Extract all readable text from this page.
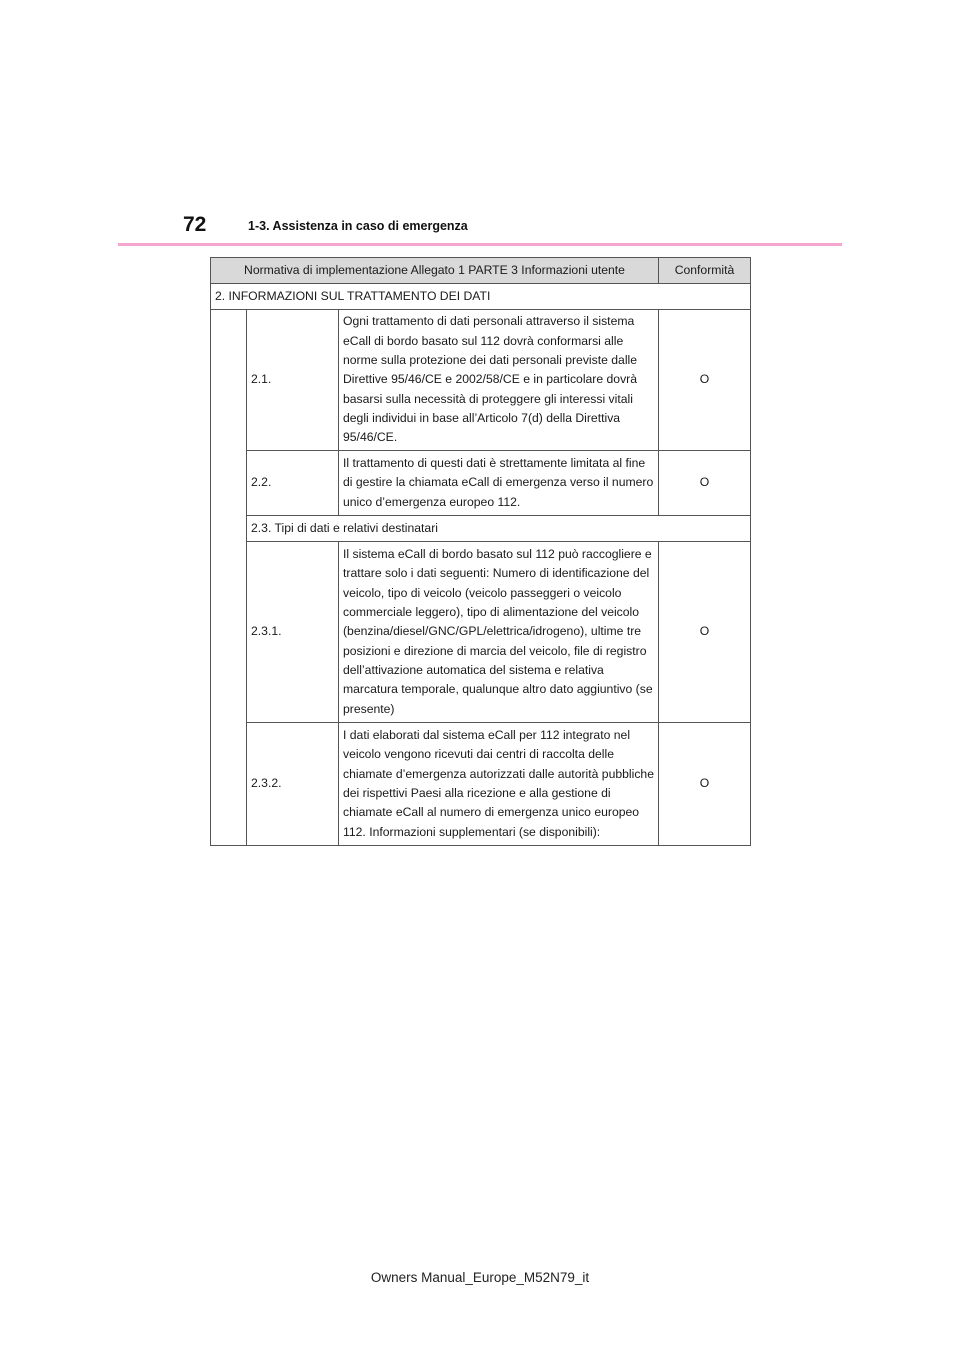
72	1-3. Assistenza in caso di emergenza
Normativa di implementazione Allegato 1 PARTE 3 Informazioni utente			Conformità
2. INFORMAZIONI SUL TRATTAMENTO DEI DATI			
	2.1.	Ogni trattamento di dati personali attraverso il sistema eCall di bordo basato sul 112 dovrà conformarsi alle norme sulla protezione dei dati personali previste dalle Direttive 95/46/CE e 2002/58/CE e in particolare dovrà basarsi sulla necessità di proteggere gli interessi vitali degli individui in base all’Articolo 7(d) della Direttiva 95/46/CE.	O
	2.2.	Il trattamento di questi dati è strettamente limitata al fine di gestire la chiamata eCall di emergenza verso il numero unico d’emergenza europeo 112.	O
	2.3. Tipi di dati e relativi destinatari		
	2.3.1.	Il sistema eCall di bordo basato sul 112 può raccogliere e trattare solo i dati seguenti: Numero di identificazione del veicolo, tipo di veicolo (veicolo passeggeri o veicolo commerciale leggero), tipo di alimentazione del veicolo (benzina/diesel/GNC/GPL/elettrica/idrogeno), ultime tre posizioni e direzione di marcia del veicolo, file di registro dell’attivazione automatica del sistema e relativa marcatura temporale, qualunque altro dato aggiuntivo (se presente)	O
	2.3.2.	I dati elaborati dal sistema eCall per 112 integrato nel veicolo vengono ricevuti dai centri di raccolta delle chiamate d’emergenza autorizzati dalle autorità pubbliche dei rispettivi Paesi alla ricezione e alla gestione di chiamate eCall al numero di emergenza unico europeo 112. Informazioni supplementari (se disponibili):	O
Owners Manual_Europe_M52N79_it
